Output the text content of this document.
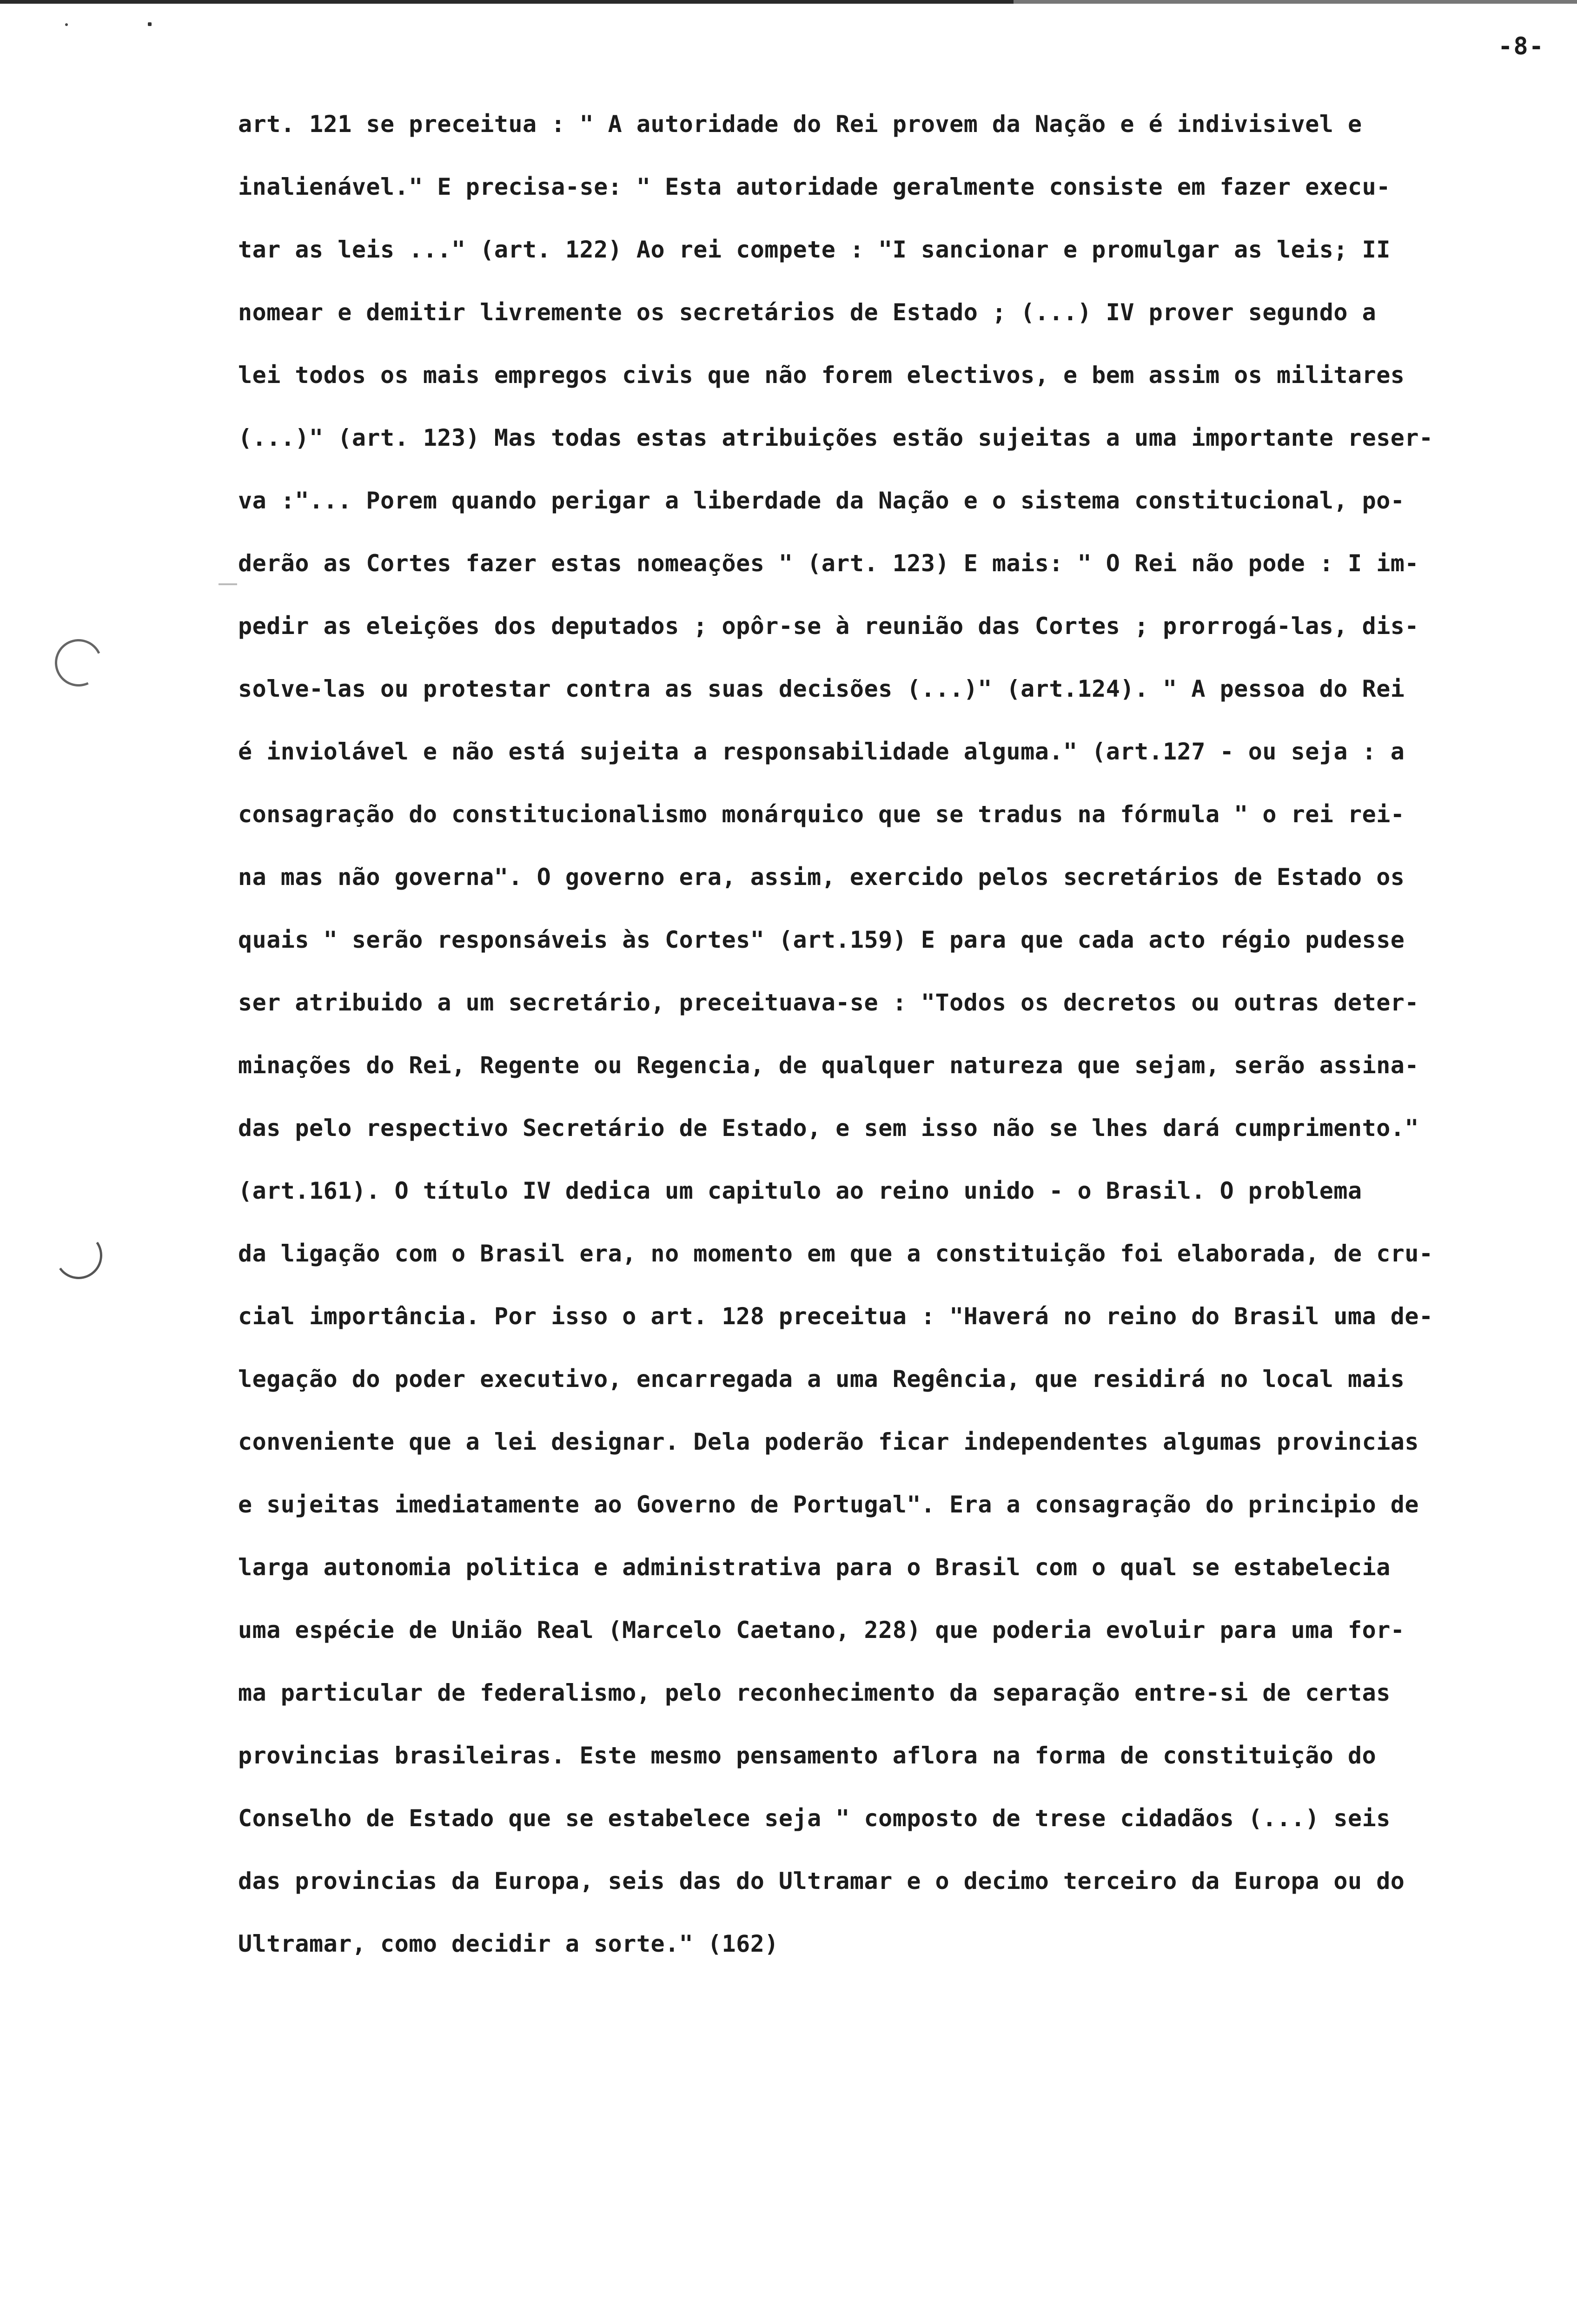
-8-
art. 121 se preceitua : " A autoridade do Rei provem da Nação e é indivisivel e
inalienável." E precisa-se: " Esta autoridade geralmente consiste em fazer execu-
tar as leis ..." (art. 122) Ao rei compete : "I sancionar e promulgar as leis; II
nomear e demitir livremente os secretários de Estado ; (...) IV prover segundo a
lei todos os mais empregos civis que não forem electivos, e bem assim os militares
(...)" (art. 123) Mas todas estas atribuições estão sujeitas a uma importante reser-
va :"... Porem quando perigar a liberdade da Nação e o sistema constitucional, po-
derão as Cortes fazer estas nomeações " (art. 123) E mais: " O Rei não pode : I im-
pedir as eleições dos deputados ; opôr-se à reunião das Cortes ; prorrogá-las, dis-
solve-las ou protestar contra as suas decisões (...)" (art.124). " A pessoa do Rei
é inviolável e não está sujeita a responsabilidade alguma." (art.127 - ou seja : a
consagração do constitucionalismo monárquico que se tradus na fórmula " o rei rei-
na mas não governa". O governo era, assim, exercido pelos secretários de Estado os
quais " serão responsáveis às Cortes" (art.159) E para que cada acto régio pudesse
ser atribuido a um secretário, preceituava-se : "Todos os decretos ou outras deter-
minações do Rei, Regente ou Regencia, de qualquer natureza que sejam, serão assina-
das pelo respectivo Secretário de Estado, e sem isso não se lhes dará cumprimento."
(art.161). O título IV dedica um capitulo ao reino unido - o Brasil. O problema
da ligação com o Brasil era, no momento em que a constituição foi elaborada, de cru-
cial importância. Por isso o art. 128 preceitua : "Haverá no reino do Brasil uma de-
legação do poder executivo, encarregada a uma Regência, que residirá no local mais
conveniente que a lei designar. Dela poderão ficar independentes algumas provincias
e sujeitas imediatamente ao Governo de Portugal". Era a consagração do principio de
larga autonomia politica e administrativa para o Brasil com o qual se estabelecia
uma espécie de União Real (Marcelo Caetano, 228) que poderia evoluir para uma for-
ma particular de federalismo, pelo reconhecimento da separação entre-si de certas
provincias brasileiras. Este mesmo pensamento aflora na forma de constituição do
Conselho de Estado que se estabelece seja " composto de trese cidadãos (...) seis
das provincias da Europa, seis das do Ultramar e o decimo terceiro da Europa ou do
Ultramar, como decidir a sorte." (162)
